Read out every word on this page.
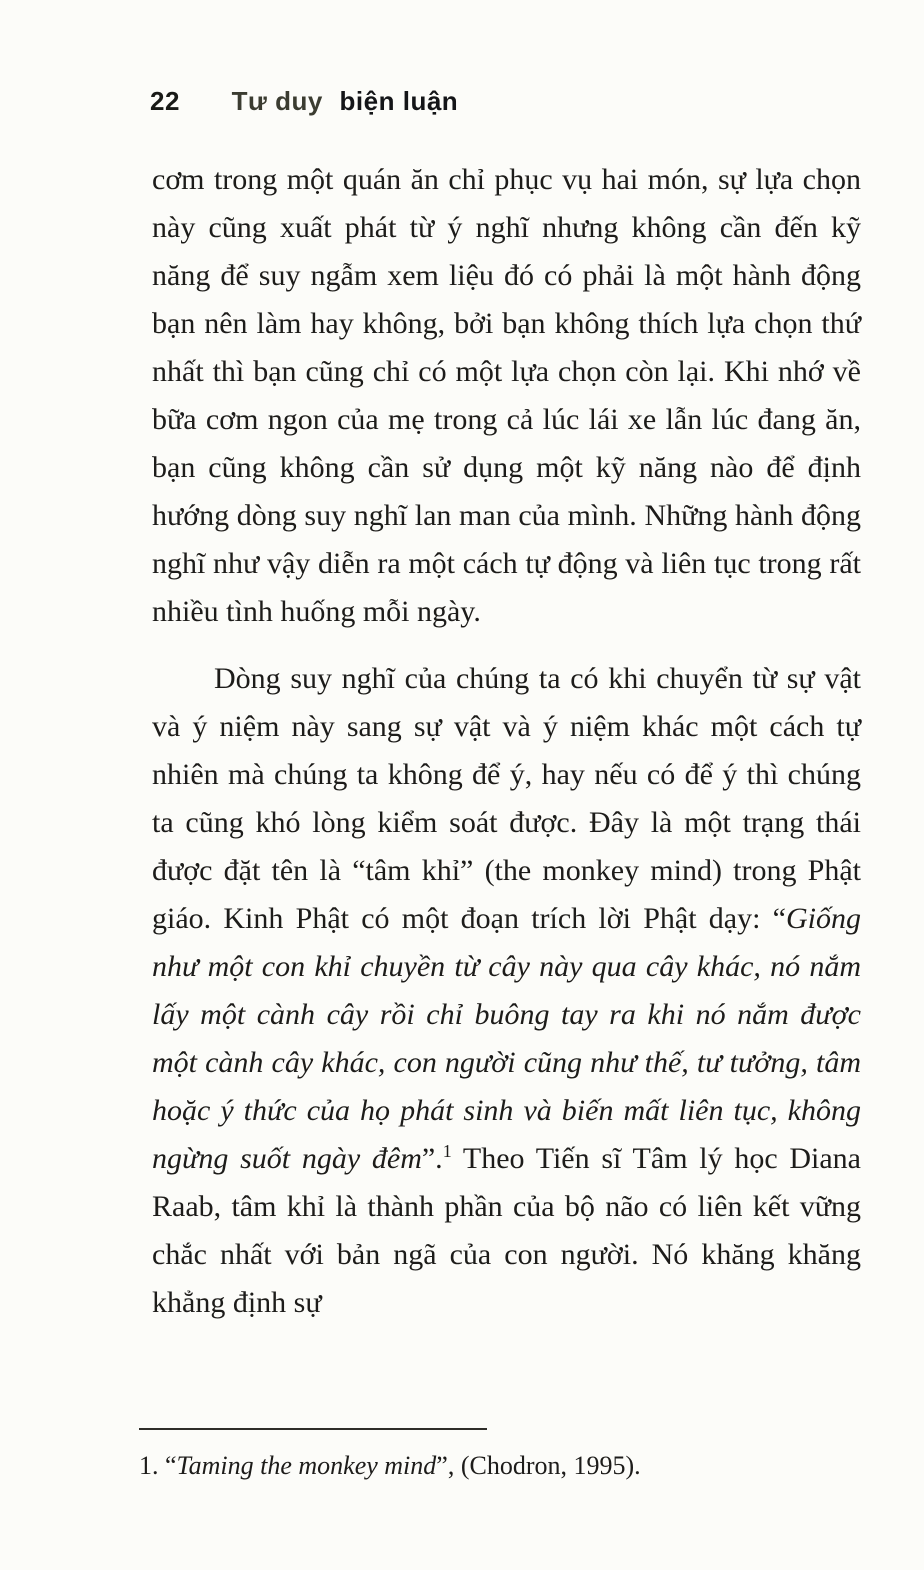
22 Tư duy biện luận

cơm trong một quán ăn chỉ phục vụ hai món, sự lựa chọn này cũng xuất phát từ ý nghĩ nhưng không cần đến kỹ năng để suy ngẫm xem liệu đó có phải là một hành động bạn nên làm hay không, bởi bạn không thích lựa chọn thứ nhất thì bạn cũng chỉ có một lựa chọn còn lại. Khi nhớ về bữa cơm ngon của mẹ trong cả lúc lái xe lẫn lúc đang ăn, bạn cũng không cần sử dụng một kỹ năng nào để định hướng dòng suy nghĩ lan man của mình. Những hành động nghĩ như vậy diễn ra một cách tự động và liên tục trong rất nhiều tình huống mỗi ngày.

Dòng suy nghĩ của chúng ta có khi chuyển từ sự vật và ý niệm này sang sự vật và ý niệm khác một cách tự nhiên mà chúng ta không để ý, hay nếu có để ý thì chúng ta cũng khó lòng kiểm soát được. Đây là một trạng thái được đặt tên là “tâm khỉ” (the monkey mind) trong Phật giáo. Kinh Phật có một đoạn trích lời Phật dạy: “Giống như một con khỉ chuyền từ cây này qua cây khác, nó nắm lấy một cành cây rồi chỉ buông tay ra khi nó nắm được một cành cây khác, con người cũng như thế, tư tưởng, tâm hoặc ý thức của họ phát sinh và biến mất liên tục, không ngừng suốt ngày đêm”.$^1$ Theo Tiến sĩ Tâm lý học Diana Raab, tâm khỉ là thành phần của bộ não có liên kết vững chắc nhất với bản ngã của con người. Nó khăng khăng khẳng định sự

1. “Taming the monkey mind”, (Chodron, 1995).
